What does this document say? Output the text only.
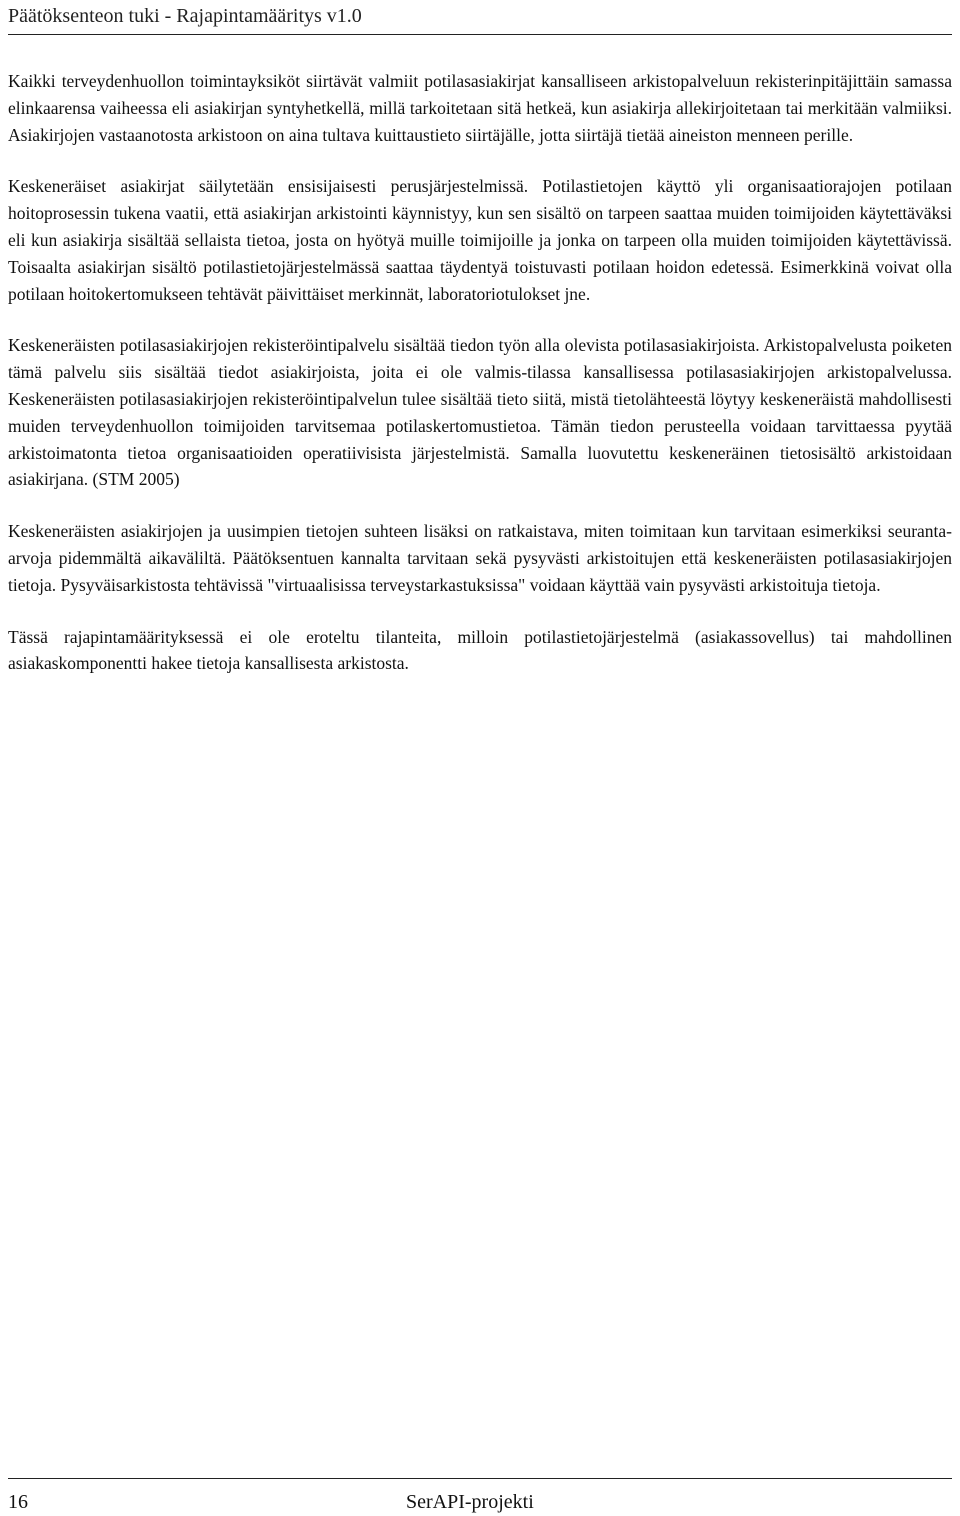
Päätöksenteon tuki - Rajapintamääritys v1.0

Kaikki terveydenhuollon toimintayksiköt siirtävät valmiit potilasasiakirjat kansalliseen arkistopalveluun rekisterinpitäjittäin samassa elinkaarensa vaiheessa eli asiakirjan syntyhetkellä, millä tarkoitetaan sitä hetkeä, kun asiakirja allekirjoitetaan tai merkitään valmiiksi. Asiakirjojen vastaanotosta arkistoon on aina tultava kuittaustieto siirtäjälle, jotta siirtäjä tietää aineiston menneen perille.

Keskeneräiset asiakirjat säilytetään ensisijaisesti perusjärjestelmissä. Potilastietojen käyttö yli organisaatiorajojen potilaan hoitoprosessin tukena vaatii, että asiakirjan arkistointi käynnistyy, kun sen sisältö on tarpeen saattaa muiden toimijoiden käytettäväksi eli kun asiakirja sisältää sellaista tietoa, josta on hyötyä muille toimijoille ja jonka on tarpeen olla muiden toimijoiden käytettävissä. Toisaalta asiakirjan sisältö potilastietojärjestelmässä saattaa täydentyä toistuvasti potilaan hoidon edetessä. Esimerkkinä voivat olla potilaan hoitokertomukseen tehtävät päivittäiset merkinnät, laboratoriotulokset jne.

Keskeneräisten potilasasiakirjojen rekisteröintipalvelu sisältää tiedon työn alla olevista potilasasiakirjoista. Arkistopalvelusta poiketen tämä palvelu siis sisältää tiedot asiakirjoista, joita ei ole valmis-tilassa kansallisessa potilasasiakirjojen arkistopalvelussa. Keskeneräisten potilasasiakirjojen rekisteröintipalvelun tulee sisältää tieto siitä, mistä tietolähteestä löytyy keskeneräistä mahdollisesti muiden terveydenhuollon toimijoiden tarvitsemaa potilaskertomustietoa. Tämän tiedon perusteella voidaan tarvittaessa pyytää arkistoimatonta tietoa organisaatioiden operatiivisista järjestelmistä. Samalla luovutettu keskeneräinen tietosisältö arkistoidaan asiakirjana. (STM 2005)

Keskeneräisten asiakirjojen ja uusimpien tietojen suhteen lisäksi on ratkaistava, miten toimitaan kun tarvitaan esimerkiksi seuranta-arvoja pidemmältä aikaväliltä. Päätöksentuen kannalta tarvitaan sekä pysyvästi arkistoitujen että keskeneräisten potilasasiakirjojen tietoja. Pysyväisarkistosta tehtävissä "virtuaalisissa terveystarkastuksissa" voidaan käyttää vain pysyvästi arkistoituja tietoja.

Tässä rajapintamäärityksessä ei ole eroteltu tilanteita, milloin potilastietojärjestelmä (asiakassovellus) tai mahdollinen asiakaskomponentti hakee tietoja kansallisesta arkistosta.

16	SerAPI-projekti
